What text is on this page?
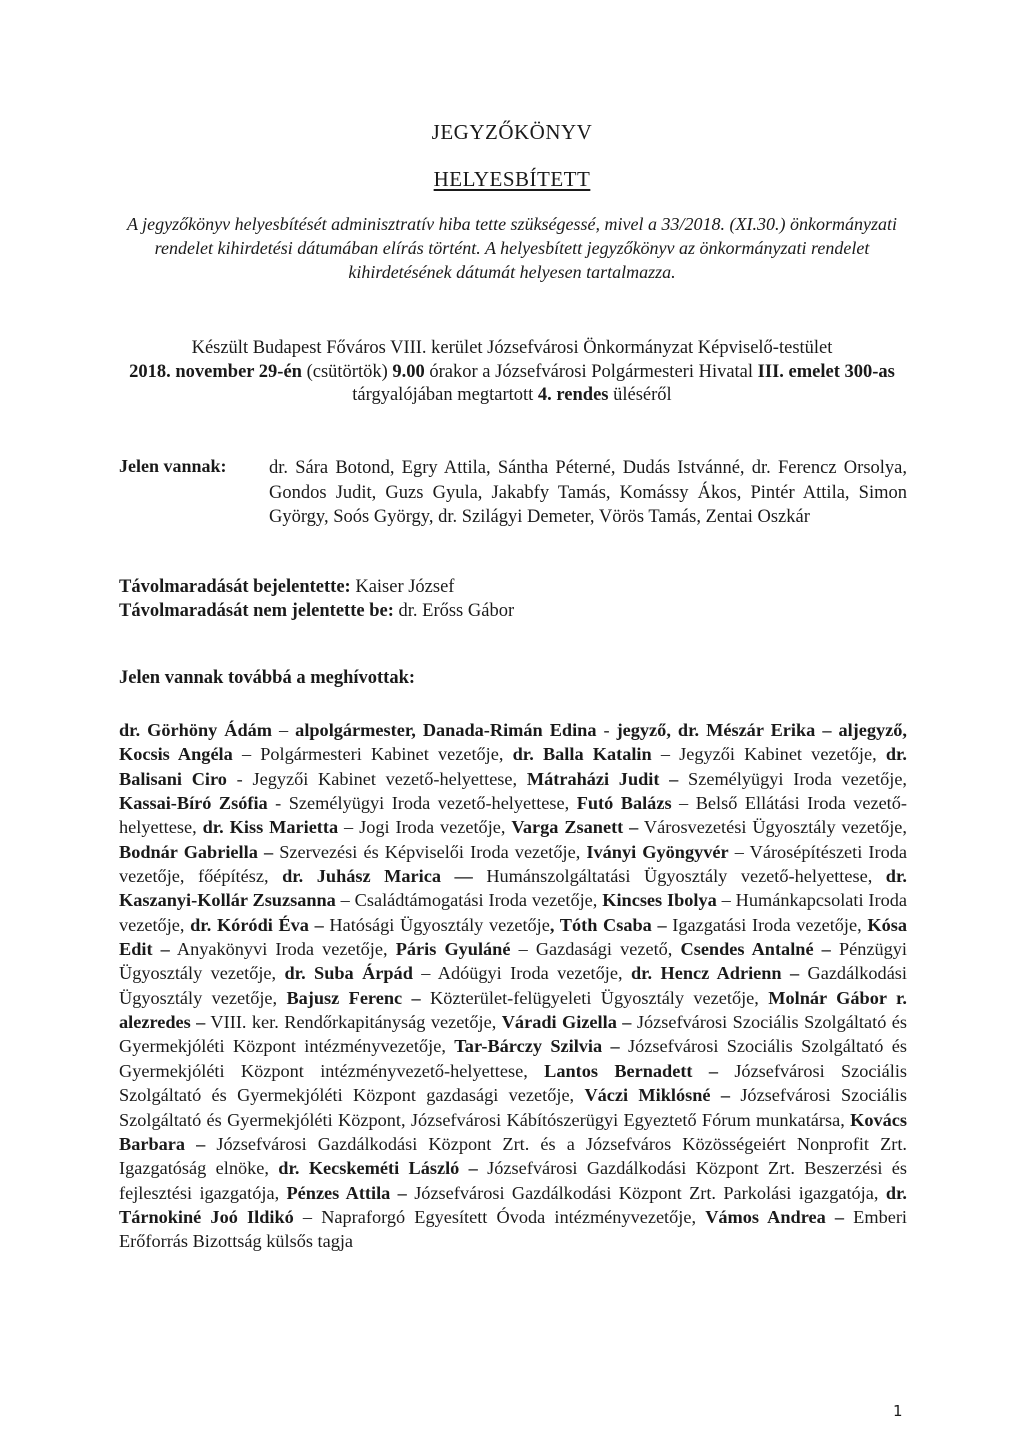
JEGYZŐKÖNYV
HELYESBÍTETT
A jegyzőkönyv helyesbítését adminisztratív hiba tette szükségessé, mivel a 33/2018. (XI.30.) önkormányzati rendelet kihirdetési dátumában elírás történt. A helyesbített jegyzőkönyv az önkormányzati rendelet kihirdetésének dátumát helyesen tartalmazza.
Készült Budapest Főváros VIII. kerület Józsefvárosi Önkormányzat Képviselő-testület
2018. november 29-én (csütörtök) 9.00 órakor a Józsefvárosi Polgármesteri Hivatal III. emelet 300-as tárgyalójában megtartott 4. rendes üléséről
Jelen vannak: dr. Sára Botond, Egry Attila, Sántha Péterné, Dudás Istvánné, dr. Ferencz Orsolya, Gondos Judit, Guzs Gyula, Jakabfy Tamás, Komássy Ákos, Pintér Attila, Simon György, Soós György, dr. Szilágyi Demeter, Vörös Tamás, Zentai Oszkár
Távolmaradását bejelentette: Kaiser József
Távolmaradását nem jelentette be: dr. Erőss Gábor
Jelen vannak továbbá a meghívottak:
dr. Görhöny Ádám – alpolgármester, Danada-Rimán Edina - jegyző, dr. Mészár Erika – aljegyző, Kocsis Angéla – Polgármesteri Kabinet vezetője, dr. Balla Katalin – Jegyzői Kabinet vezetője, dr. Balisani Ciro - Jegyzői Kabinet vezető-helyettese, Mátraházi Judit – Személyügyi Iroda vezetője, Kassai-Bíró Zsófia - Személyügyi Iroda vezető-helyettese, Futó Balázs – Belső Ellátási Iroda vezető-helyettese, dr. Kiss Marietta – Jogi Iroda vezetője, Varga Zsanett – Városvezetési Ügyosztály vezetője, Bodnár Gabriella – Szervezési és Képviselői Iroda vezetője, Iványi Gyöngyvér – Városépítészeti Iroda vezetője, főépítész, dr. Juhász Marica — Humánszolgáltatási Ügyosztály vezető-helyettese, dr. Kaszanyi-Kollár Zsuzsanna – Családtámogatási Iroda vezetője, Kincses Ibolya – Humánkapcsolati Iroda vezetője, dr. Kóródi Éva – Hatósági Ügyosztály vezetője, Tóth Csaba – Igazgatási Iroda vezetője, Kósa Edit – Anyakönyvi Iroda vezetője, Páris Gyuláné – Gazdasági vezető, Csendes Antalné – Pénzügyi Ügyosztály vezetője, dr. Suba Árpád – Adóügyi Iroda vezetője, dr. Hencz Adrienn – Gazdálkodási Ügyosztály vezetője, Bajusz Ferenc – Közterület-felügyeleti Ügyosztály vezetője, Molnár Gábor r. alezredes – VIII. ker. Rendőrkapitányság vezetője, Váradi Gizella – Józsefvárosi Szociális Szolgáltató és Gyermekjóléti Központ intézményvezetője, Tar-Bárczy Szilvia – Józsefvárosi Szociális Szolgáltató és Gyermekjóléti Központ intézményvezető-helyettese, Lantos Bernadett – Józsefvárosi Szociális Szolgáltató és Gyermekjóléti Központ gazdasági vezetője, Váczi Miklósné – Józsefvárosi Szociális Szolgáltató és Gyermekjóléti Központ, Józsefvárosi Kábítószerügyi Egyeztető Fórum munkatársa, Kovács Barbara – Józsefvárosi Gazdálkodási Központ Zrt. és a Józsefváros Közösségeiért Nonprofit Zrt. Igazgatóság elnöke, dr. Kecskeméti László – Józsefvárosi Gazdálkodási Központ Zrt. Beszerzési és fejlesztési igazgatója, Pénzes Attila – Józsefvárosi Gazdálkodási Központ Zrt. Parkolási igazgatója, dr. Tárnokiné Joó Ildikó – Napraforgó Egyesített Óvoda intézményvezetője, Vámos Andrea – Emberi Erőforrás Bizottság külsős tagja
1
